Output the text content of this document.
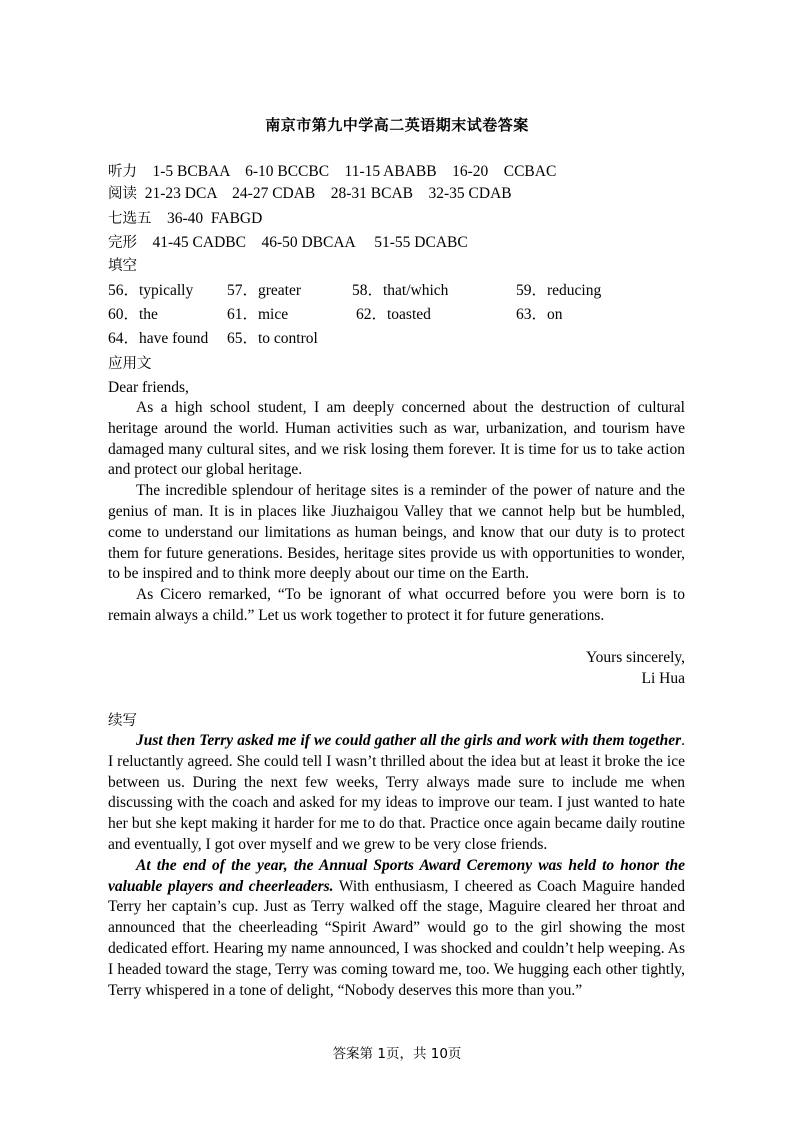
南京市第九中学高二英语期末试卷答案
听力 1-5 BCBAA    6-10 BCCBC    11-15 ABABB    16-20    CCBAC
阅读 21-23 DCA    24-27 CDAB    28-31 BCAB    32-35 CDAB
七选五 36-40  FABGD
完形 41-45 CADBC    46-50 DBCAA     51-55 DCABC
填空
56．typically 57．greater	58．that/which	59．reducing
60．the	61．mice	62．toasted	63．on
64．have found 65．to control
应用文
Dear friends,

As a high school student, I am deeply concerned about the destruction of cultural heritage around the world. Human activities such as war, urbanization, and tourism have damaged many cultural sites, and we risk losing them forever. It is time for us to take action and protect our global heritage.

The incredible splendour of heritage sites is a reminder of the power of nature and the genius of man. It is in places like Jiuzhaigou Valley that we cannot help but be humbled, come to understand our limitations as human beings, and know that our duty is to protect them for future generations. Besides, heritage sites provide us with opportunities to wonder, to be inspired and to think more deeply about our time on the Earth.

As Cicero remarked, “To be ignorant of what occurred before you were born is to remain always a child.” Let us work together to protect it for future generations.

Yours sincerely,
Li Hua
续写

Just then Terry asked me if we could gather all the girls and work with them together. I reluctantly agreed. She could tell I wasn’t thrilled about the idea but at least it broke the ice between us. During the next few weeks, Terry always made sure to include me when discussing with the coach and asked for my ideas to improve our team. I just wanted to hate her but she kept making it harder for me to do that. Practice once again became daily routine and eventually, I got over myself and we grew to be very close friends.

At the end of the year, the Annual Sports Award Ceremony was held to honor the valuable players and cheerleaders. With enthusiasm, I cheered as Coach Maguire handed Terry her captain’s cup. Just as Terry walked off the stage, Maguire cleared her throat and announced that the cheerleading “Spirit Award” would go to the girl showing the most dedicated effort. Hearing my name announced, I was shocked and couldn’t help weeping. As I headed toward the stage, Terry was coming toward me, too. We hugging each other tightly, Terry whispered in a tone of delight, “Nobody deserves this more than you.”

答案第 1页，共 10页
